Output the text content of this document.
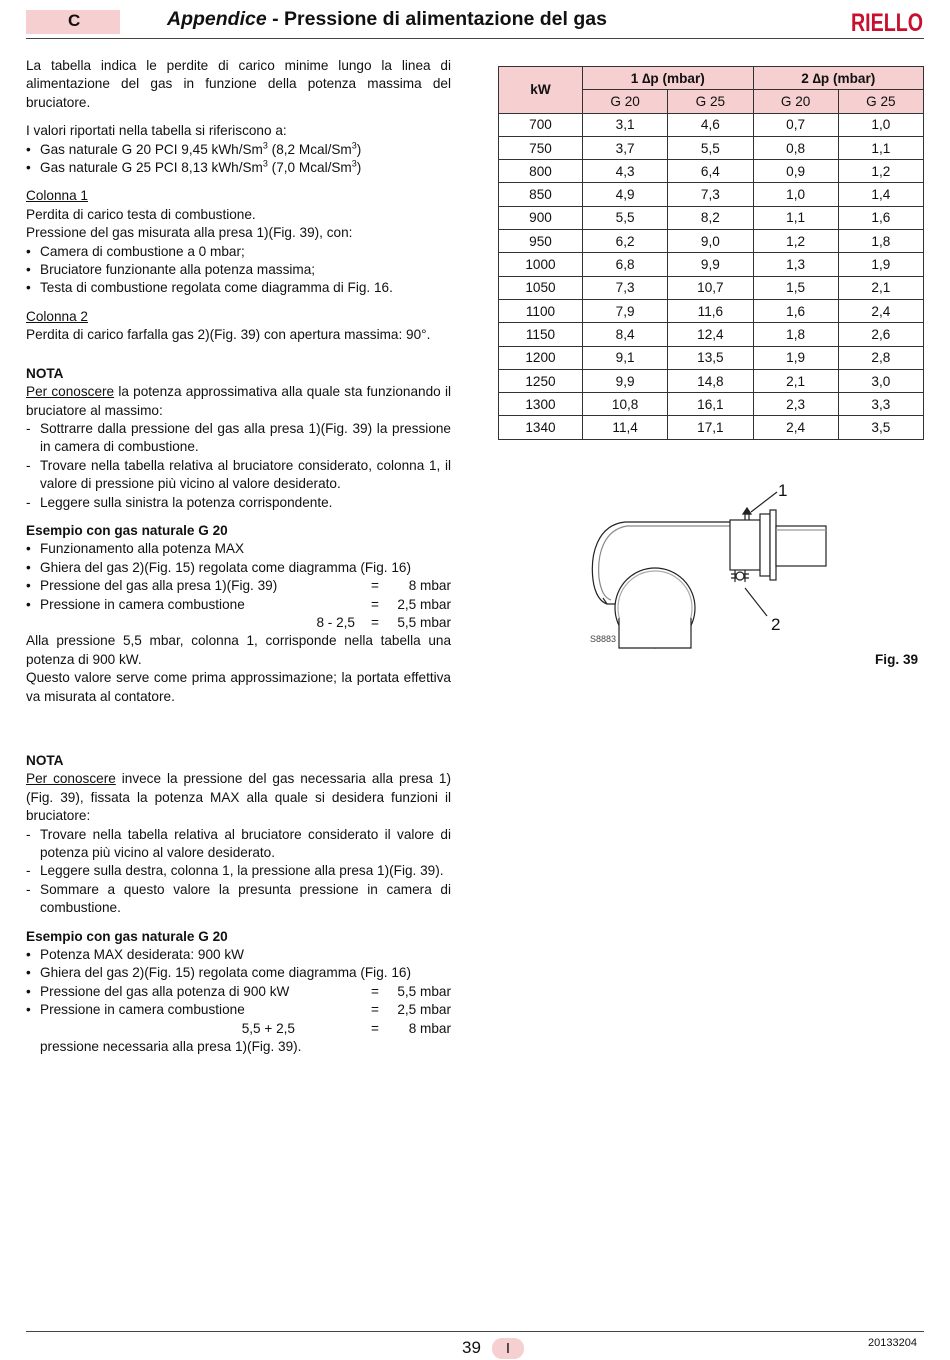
C	Appendice - Pressione di alimentazione del gas	RIELLO

La tabella indica le perdite di carico minime lungo la linea di alimentazione del gas in funzione della potenza massima del bruciatore.

I valori riportati nella tabella si riferiscono a:

• Gas naturale G 20 PCI 9,45 kWh/Sm$^3$ (8,2 Mcal/Sm$^3$)
• Gas naturale G 25 PCI 8,13 kWh/Sm$^3$ (7,0 Mcal/Sm$^3$)

Colonna 1

Perdita di carico testa di combustione.

Pressione del gas misurata alla presa 1)(Fig. 39), con:

• Camera di combustione a 0 mbar;
• Bruciatore funzionante alla potenza massima;
• Testa di combustione regolata come diagramma di Fig. 16.

Colonna 2

Perdita di carico farfalla gas 2)(Fig. 39) con apertura massima: 90°.

NOTA

Per conoscere la potenza approssimativa alla quale sta funzionando il bruciatore al massimo:

- Sottrarre dalla pressione del gas alla presa 1)(Fig. 39) la pressione in camera di combustione.
- Trovare nella tabella relativa al bruciatore considerato, colonna 1, il valore di pressione più vicino al valore desiderato.
- Leggere sulla sinistra la potenza corrispondente.

Esempio con gas naturale G 20

• Funzionamento alla potenza MAX
• Ghiera del gas 2)(Fig. 15) regolata come diagramma (Fig. 16)
• Pressione del gas alla presa 1)(Fig. 39)	=	8 mbar
• Pressione in camera combustione	=	2,5 mbar
8 - 2,5	=	5,5 mbar

Alla pressione 5,5 mbar, colonna 1, corrisponde nella tabella una potenza di 900 kW.

Questo valore serve come prima approssimazione; la portata effettiva va misurata al contatore.

NOTA

Per conoscere invece la pressione del gas necessaria alla presa 1)(Fig. 39), fissata la potenza MAX alla quale si desidera funzioni il bruciatore:

- Trovare nella tabella relativa al bruciatore considerato il valore di potenza più vicino al valore desiderato.
- Leggere sulla destra, colonna 1, la pressione alla presa 1)(Fig. 39).
- Sommare a questo valore la presunta pressione in camera di combustione.

Esempio con gas naturale G 20

• Potenza MAX desiderata: 900 kW
• Ghiera del gas 2)(Fig. 15) regolata come diagramma (Fig. 16)
• Pressione del gas alla potenza di 900 kW	=	5,5 mbar
• Pressione in camera combustione	=	2,5 mbar
5,5 + 2,5	=	8 mbar
pressione necessaria alla presa 1)(Fig. 39).
kW	1 ∆p (mbar)		2 ∆p (mbar)	
	G 20	G 25	G 20	G 25
700	3,1	4,6	0,7	1,0
750	3,7	5,5	0,8	1,1
800	4,3	6,4	0,9	1,2
850	4,9	7,3	1,0	1,4
900	5,5	8,2	1,1	1,6
950	6,2	9,0	1,2	1,8
1000	6,8	9,9	1,3	1,9
1050	7,3	10,7	1,5	2,1
1100	7,9	11,6	1,6	2,4
1150	8,4	12,4	1,8	2,6
1200	9,1	13,5	1,9	2,8
1250	9,9	14,8	2,1	3,0
1300	10,8	16,1	2,3	3,3
1340	11,4	17,1	2,4	3,5
1
2
S8883
Fig. 39
39	I	20133204
